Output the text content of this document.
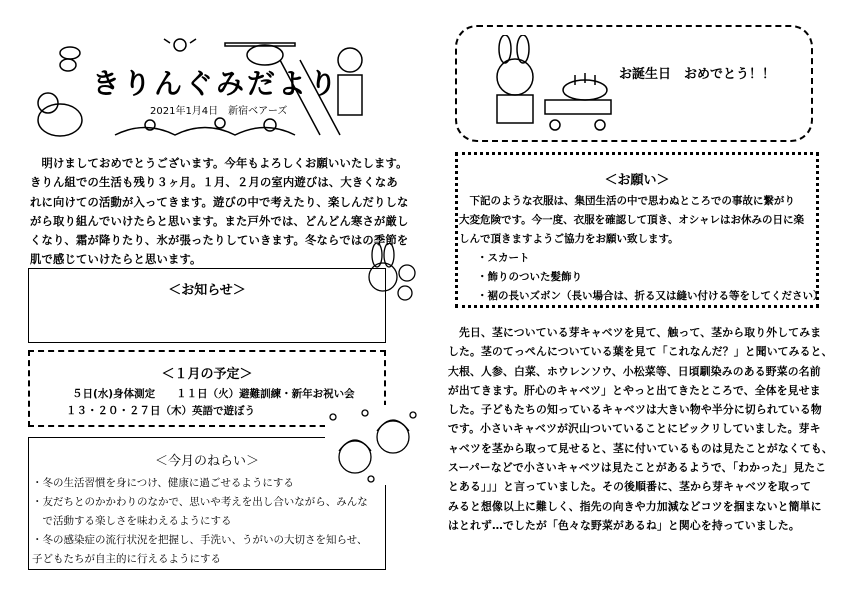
きりんぐみだより
2021年1月4日　新宿ベアーズ
　明けましておめでとうございます。今年もよろしくお願いいたします。
きりん組での生活も残り３ヶ月。１月、２月の室内遊びは、大きくなあ
れに向けての活動が入ってきます。遊びの中で考えたり、楽しんだりしな
がら取り組んでいけたらと思います。また戸外では、どんどん寒さが厳し
くなり、霜が降りたり、氷が張ったりしていきます。冬ならではの季節を
肌で感じていけたらと思います。
＜お知らせ＞
＜１月の予定＞
５日(水)身体測定　　１１日（火）避難訓練・新年お祝い会
１３・２０・２７日（木）英語で遊ぼう
＜今月のねらい＞
・冬の生活習慣を身につけ、健康に過ごせるようにする
・友だちとのかかわりのなかで、思いや考えを出し合いながら、みんな
　で活動する楽しさを味わえるようにする
・冬の感染症の流行状況を把握し、手洗い、うがいの大切さを知らせ、
子どもたちが自主的に行えるようにする
お誕生日　おめでとう！！
＜お願い＞
　下記のような衣服は、集団生活の中で思わぬところでの事故に繋がり
大変危険です。今一度、衣服を確認して頂き、オシャレはお休みの日に楽
しんで頂きますようご協力をお願い致します。
・スカート
・飾りのついた髪飾り
・裾の長いズボン（長い場合は、折る又は縫い付ける等をしてください）
　先日、茎についている芽キャベツを見て、触って、茎から取り外してみま
した。茎のてっぺんについている葉を見て「これなんだ？」と聞いてみると、
大根、人参、白菜、ホウレンソウ、小松菜等、日頃馴染みのある野菜の名前
が出てきます。肝心のキャベツ」とやっと出てきたところで、全体を見せま
した。子どもたちの知っているキャベツは大きい物や半分に切られている物
です。小さいキャベツが沢山ついていることにビックリしていました。芽キ
ャベツを茎から取って見せると、茎に付いているものは見たことがなくても、
スーパーなどで小さいキャベツは見たことがあるようで、「わかった」見たこ
とある」」」と言っていました。その後順番に、茎から芽キャベツを取って
みると想像以上に難しく、指先の向きや力加減などコツを掴まないと簡単に
はとれず…でしたが「色々な野菜があるね」と関心を持っていました。
